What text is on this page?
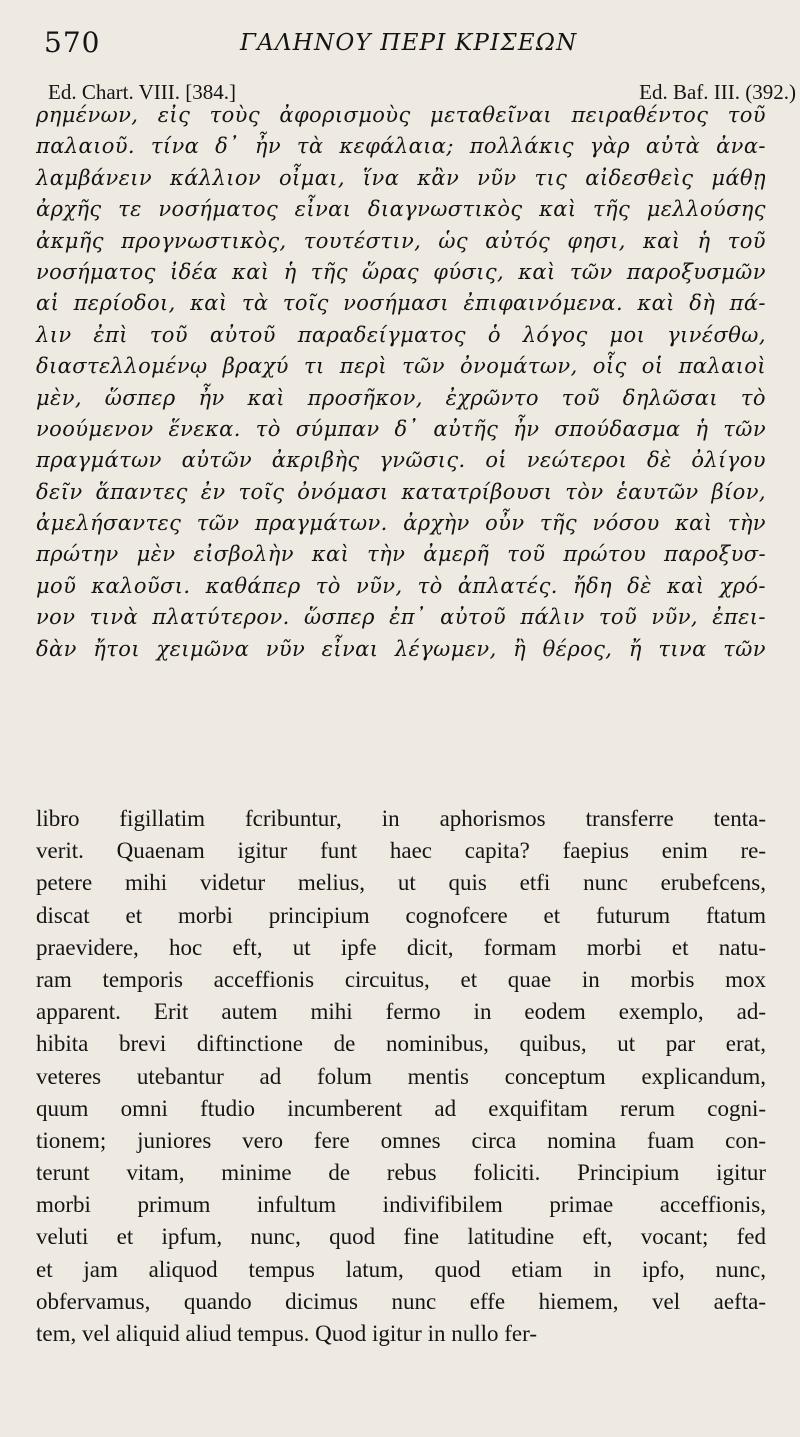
570	ΓΑΛΗΝΟΥ ΠΕΡΙ ΚΡΙΣΕΩΝ
Ed. Chart. VIII. [384.]	Ed. Baf. III. (392.)
ρημένων, εἰς τοὺς ἀφορισμοὺς μεταθεῖναι πειραθέντος τοῦ
παλαιοῦ. τίνα δ᾽ ἦν τὰ κεφάλαια; πολλάκις γὰρ αὐτὰ ἀνα-
λαμβάνειν κάλλιον οἶμαι, ἵνα κἂν νῦν τις αἰδεσθεὶς μάθῃ
ἀρχῆς τε νοσήματος εἶναι διαγνωστικὸς καὶ τῆς μελλούσης
ἀκμῆς προγνωστικὸς, τουτέστιν, ὡς αὐτός φησι, καὶ ἡ τοῦ
νοσήματος ἰδέα καὶ ἡ τῆς ὥρας φύσις, καὶ τῶν παροξυσμῶν
αἱ περίοδοι, καὶ τὰ τοῖς νοσήμασι ἐπιφαινόμενα. καὶ δὴ πά-
λιν ἐπὶ τοῦ αὐτοῦ παραδείγματος ὁ λόγος μοι γινέσθω,
διαστελλομένῳ βραχύ τι περὶ τῶν ὀνομάτων, οἷς οἱ παλαιοὶ
μὲν, ὥσπερ ἦν καὶ προσῆκον, ἐχρῶντο τοῦ δηλῶσαι τὸ
νοούμενον ἕνεκα. τὸ σύμπαν δ᾽ αὐτῆς ἦν σπούδασμα ἡ τῶν
πραγμάτων αὐτῶν ἀκριβὴς γνῶσις. οἱ νεώτεροι δὲ ὀλίγου
δεῖν ἅπαντες ἐν τοῖς ὀνόμασι κατατρίβουσι τὸν ἑαυτῶν βίον,
ἀμελήσαντες τῶν πραγμάτων. ἀρχὴν οὖν τῆς νόσου καὶ τὴν
πρώτην μὲν εἰσβολὴν καὶ τὴν ἀμερῆ τοῦ πρώτου παροξυσ-
μοῦ καλοῦσι. καθάπερ τὸ νῦν, τὸ ἀπλατές. ἤδη δὲ καὶ χρό-
νον τινὰ πλατύτερον. ὥσπερ ἐπ᾽ αὐτοῦ πάλιν τοῦ νῦν, ἐπει-
δὰν ἤτοι χειμῶνα νῦν εἶναι λέγωμεν, ἢ θέρος, ἤ τινα τῶν
libro figillatim fcribuntur, in aphorismos transferre tenta-
verit. Quaenam igitur funt haec capita? faepius enim re-
petere mihi videtur melius, ut quis etfi nunc erubefcens,
discat et morbi principium cognofcere et futurum ftatum
praevidere, hoc eft, ut ipfe dicit, formam morbi et natu-
ram temporis acceffionis circuitus, et quae in morbis mox
apparent. Erit autem mihi fermo in eodem exemplo, ad-
hibita brevi diftinctione de nominibus, quibus, ut par erat,
veteres utebantur ad folum mentis conceptum explicandum,
quum omni ftudio incumberent ad exquifitam rerum cogni-
tionem; juniores vero fere omnes circa nomina fuam con-
terunt vitam, minime de rebus foliciti. Principium igitur
morbi primum infultum indivifibilem primae acceffionis,
veluti et ipfum, nunc, quod fine latitudine eft, vocant; fed
et jam aliquod tempus latum, quod etiam in ipfo, nunc,
obfervamus, quando dicimus nunc effe hiemem, vel aefta-
tem, vel aliquid aliud tempus. Quod igitur in nullo fer-
